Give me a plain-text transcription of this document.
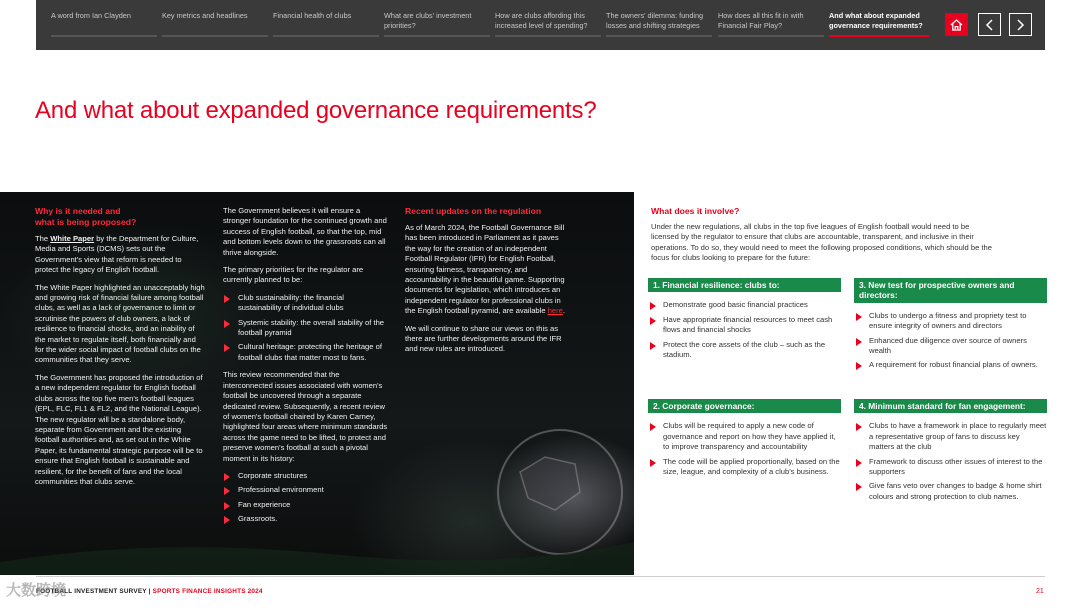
A word from Ian Clayden	Key metrics and headlines	Financial health of clubs	What are clubs' investment priorities?
How are clubs affording this increased level of spending?
The owners' dilemma: funding losses and shifting strategies
How does all this fit in with Financial Fair Play?
And what about expanded governance requirements?
And what about expanded governance requirements?
Why is it needed and
what is being proposed?

The White Paper by the Department for Culture, Media and Sports (DCMS) sets out the Government's view that reform is needed to protect the legacy of English football.

The White Paper highlighted an unacceptably high and growing risk of financial failure among football clubs, as well as a lack of governance to limit or scrutinise the powers of club owners, a lack of resilience to financial shocks, and an inability of the market to regulate itself, both financially and for the wider social impact of football clubs on the communities that they serve.

The Government has proposed the introduction of a new independent regulator for English football clubs across the top five men's football leagues (EPL, FLC, FL1 & FL2, and the National League). The new regulator will be a standalone body, separate from Government and the existing football authorities and, as set out in the White Paper, its fundamental strategic purpose will be to ensure that English football is sustainable and resilient, for the benefit of fans and the local communities that clubs serve.

The Government believes it will ensure a stronger foundation for the continued growth and success of English football, so that the top, mid and bottom levels down to the grassroots can all thrive alongside.

The primary priorities for the regulator are currently planned to be:

Club sustainability: the financial sustainability of individual clubs
Systemic stability: the overall stability of the football pyramid
Cultural heritage: protecting the heritage of football clubs that matter most to fans.

This review recommended that the interconnected issues associated with women's football be uncovered through a separate dedicated review. Subsequently, a recent review of women's football chaired by Karen Carney, highlighted four areas where minimum standards across the game need to be lifted, to protect and preserve women's football at such a pivotal moment in its history:

Corporate structures
Professional environment
Fan experience
Grassroots.
Recent updates on the regulation

As of March 2024, the Football Governance Bill has been introduced in Parliament as it paves the way for the creation of an independent Football Regulator (IFR) for English Football, ensuring fairness, transparency, and accountability in the beautiful game. Supporting documents for legislation, which introduces an independent regulator for professional clubs in the English football pyramid, are available here.

We will continue to share our views on this as there are further developments around the IFR and new rules are introduced.

What does it involve?
Under the new regulations, all clubs in the top five leagues of English football would need to be licensed by the regulator to ensure that clubs are accountable, transparent, and inclusive in their operations. To do so, they would need to meet the following proposed conditions, which should be the focus for clubs looking to prepare for the future:
1. Financial resilience: clubs to:
Demonstrate good basic financial practices
Have appropriate financial resources to meet cash flows and financial shocks
Protect the core assets of the club – such as the stadium.
3. New test for prospective owners and directors:
Clubs to undergo a fitness and propriety test to ensure integrity of owners and directors
Enhanced due diligence over source of owners wealth
A requirement for robust financial plans of owners.
2. Corporate governance:
Clubs will be required to apply a new code of governance and report on how they have applied it, to improve transparency and accountability
The code will be applied proportionally, based on the size, league, and complexity of a club's business.
4. Minimum standard for fan engagement:
Clubs to have a framework in place to regularly meet a representative group of fans to discuss key matters at the club
Framework to discuss other issues of interest to the supporters
Give fans veto over changes to badge & home shirt colours and strong protection to club names.
FOOTBALL INVESTMENT SURVEY | SPORTS FINANCE INSIGHTS 2024	21
大数跨境
